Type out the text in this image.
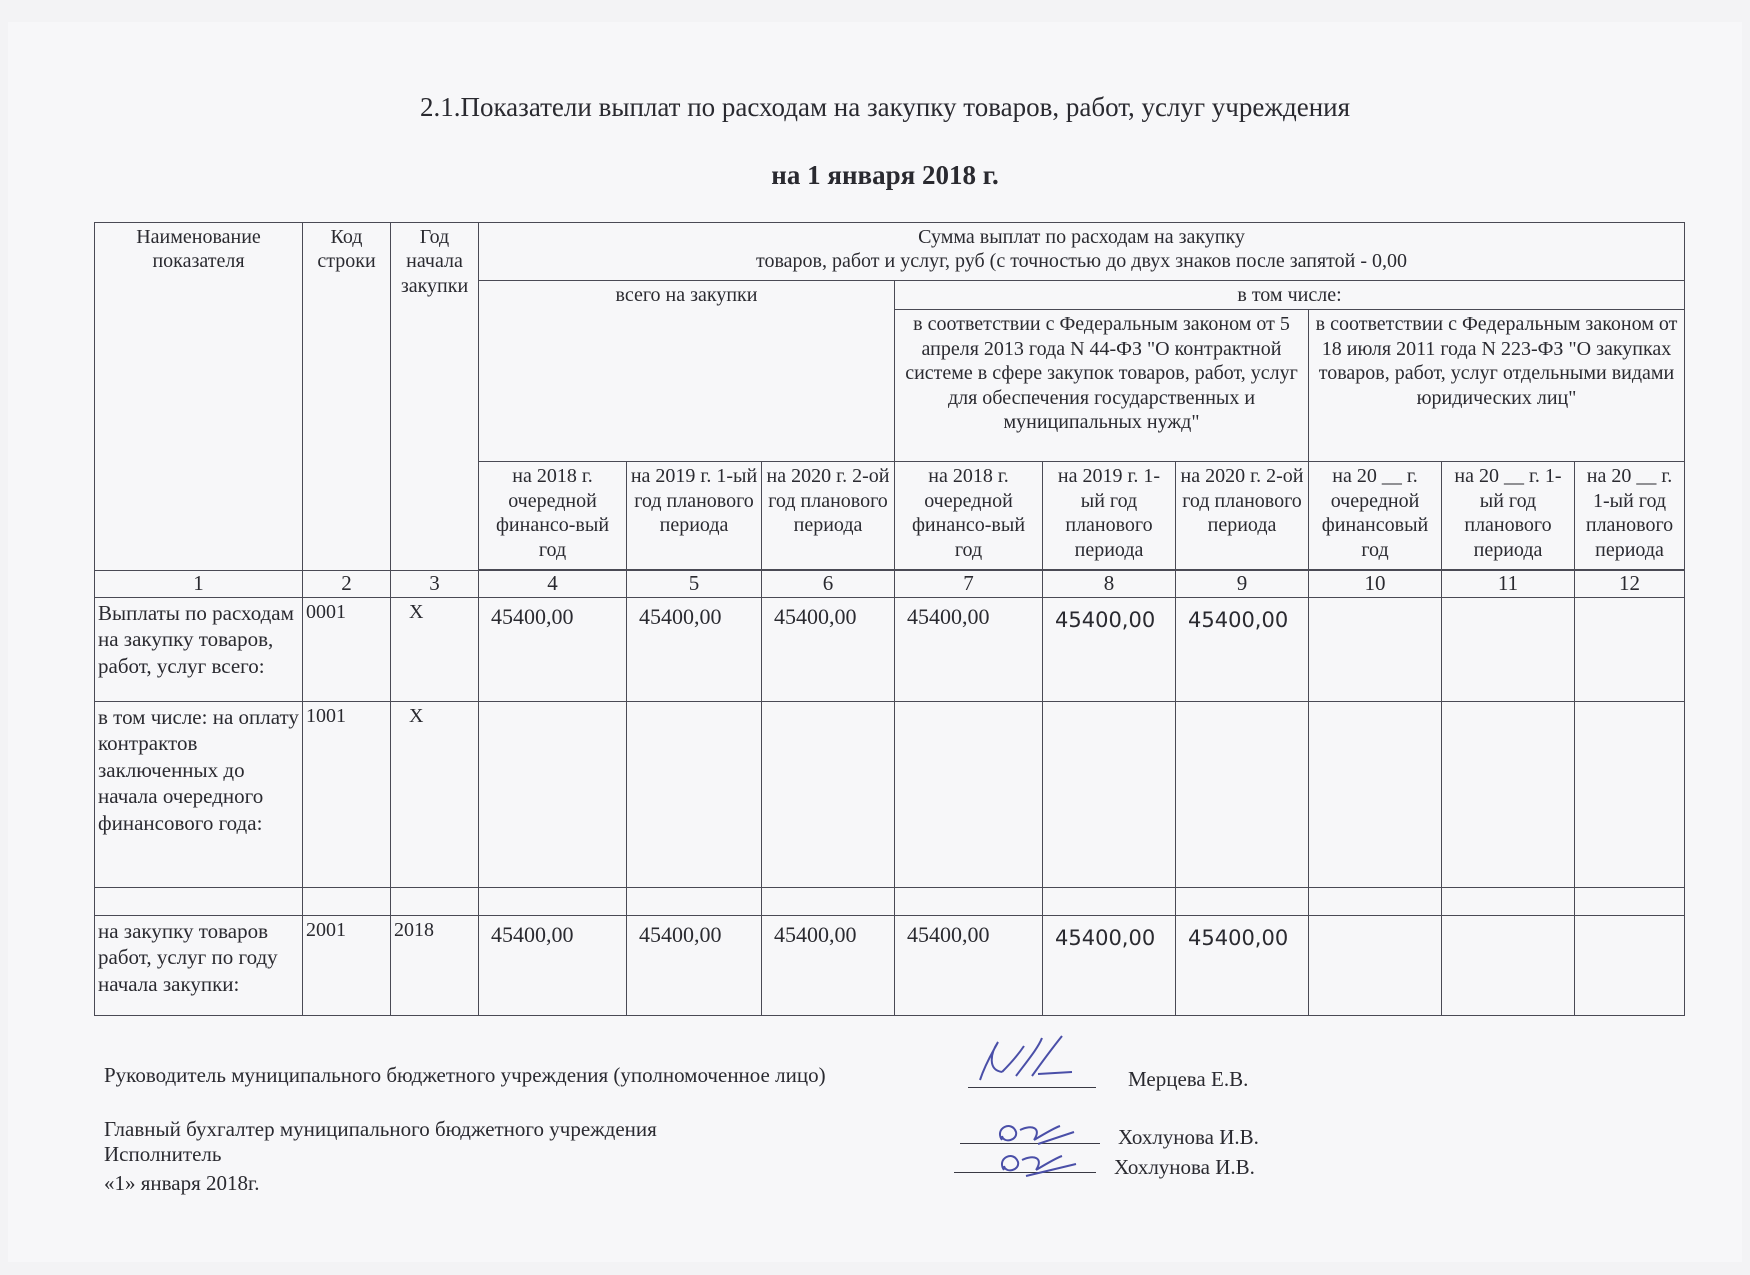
2.1.Показатели выплат по расходам на закупку товаров, работ, услуг учреждения
на 1 января 2018 г.
Наименование показателя	Код строки	Год начала закупки	Сумма выплат по расходам на закупку
товаров, работ и услуг, руб (с точностью до двух знаков после запятой - 0,00								

			всего на закупки			в том числе:					
						в соответствии с Федеральным законом от 5 апреля 2013 года N 44-ФЗ "О контрактной системе в сфере закупок товаров, работ, услуг для обеспечения государственных и муниципальных нужд"			в соответствии с Федеральным законом от 18 июля 2011 года N 223-ФЗ "О закупках товаров, работ, услуг отдельными видами юридических лиц"		
			на 2018 г. очередной финансо-вый год	на 2019 г. 1-ый год планового периода	на 2020 г. 2-ой год планового периода	на 2018 г. очередной финансо-вый год	на 2019 г. 1-ый год планового периода	на 2020 г. 2-ой год планового периода	на 20 __ г. очередной финансовый год	на 20 __ г. 1-ый год планового периода	на 20 __ г. 1-ый год планового периода

1	2	3	4	5	6	7	8	9	10	11	12
Выплаты по расходам на закупку товаров, работ, услуг всего:	0001	X	45400,00	45400,00	45400,00	45400,00	45400,00	45400,00			
в том числе: на оплату контрактов заключенных до начала очередного финансового года:	1001	X									

на закупку товаров работ, услуг по году начала закупки:	2001	2018	45400,00	45400,00	45400,00	45400,00	45400,00	45400,00			
Руководитель муниципального бюджетного учреждения (уполномоченное лицо)	Мерцева Е.В.
Главный бухгалтер муниципального бюджетного учреждения	Хохлунова И.В.
Исполнитель
Хохлунова И.В.
«1» января 2018г.
